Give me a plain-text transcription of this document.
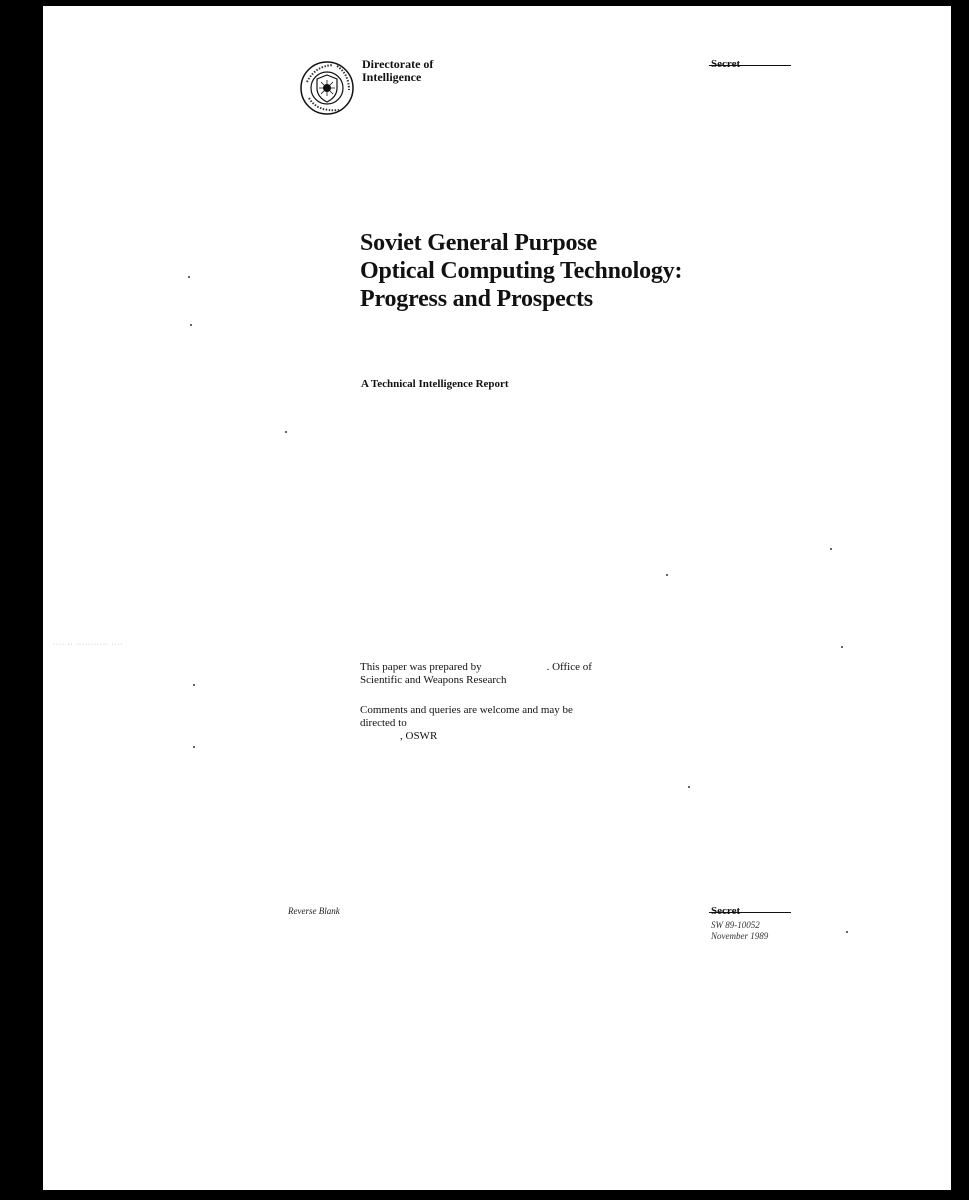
Directorate of
Intelligence
Secret
Soviet General Purpose
Optical Computing Technology:
Progress and Prospects
A Technical Intelligence Report
This paper was prepared by	. Office of
Scientific and Weapons Research
Comments and queries are welcome and may be
directed to
, OSWR
Reverse Blank	Secret
SW 89-10052
November 1989
···· ·· ··········· ····
